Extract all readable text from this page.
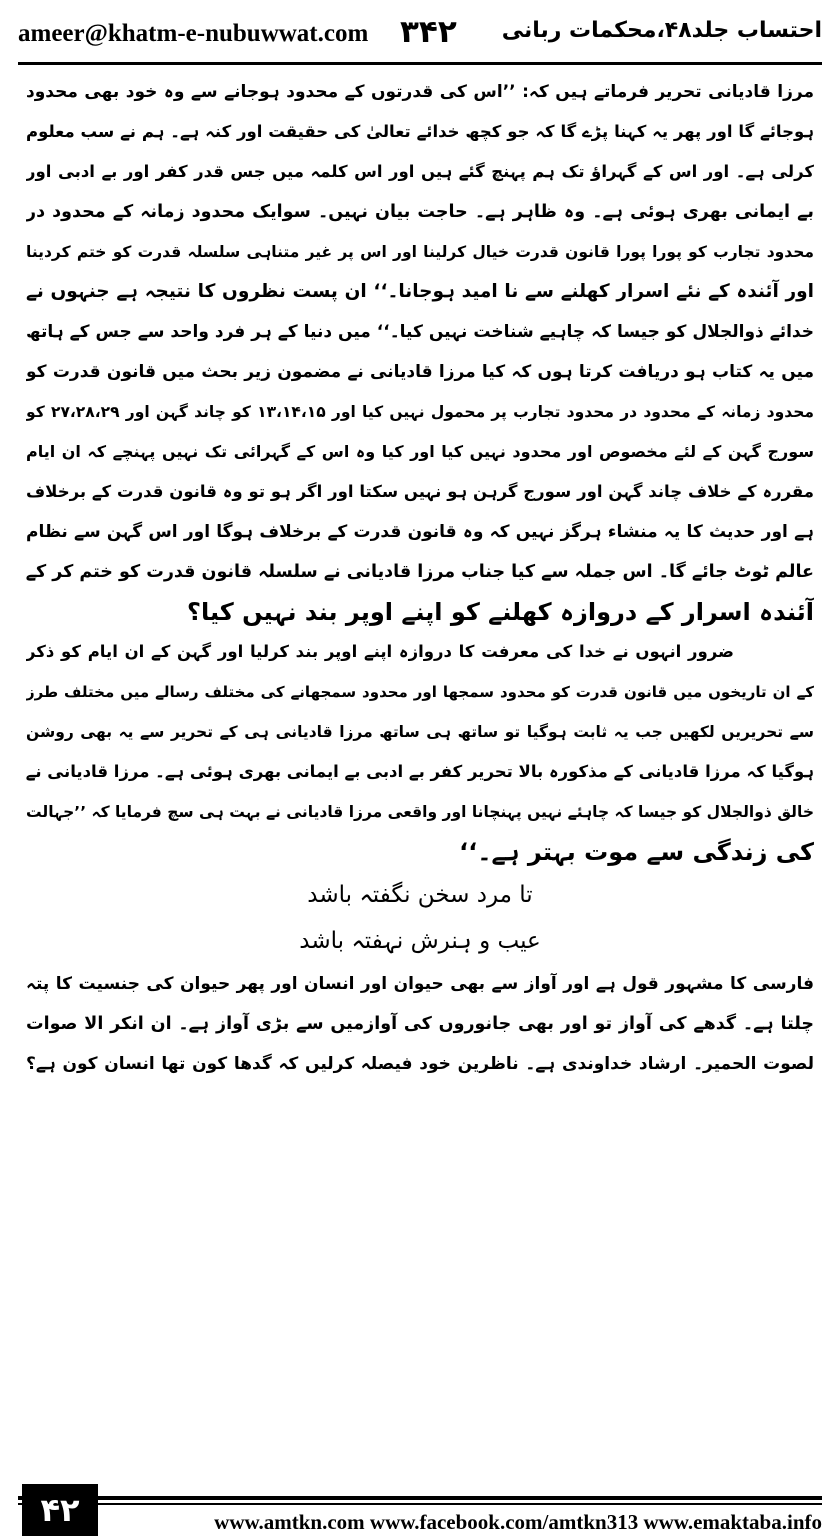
ameer@khatm-e-nubuwwat.com ۳۴۲ احتساب جلد۴۸،محکمات ربانی
مرزا قادیانی تحریر فرماتے ہیں کہ: ’’اس کی قدرتوں کے محدود ہوجانے سے وہ خود بھی محدود
ہوجائے گا اور پھر یہ کہنا پڑے گا کہ جو کچھ خدائے تعالیٰ کی حقیقت اور کنہ ہے۔ ہم نے سب معلوم
کرلی ہے۔ اور اس کے گہراؤ تک ہم پہنچ گئے ہیں اور اس کلمہ میں جس قدر کفر اور بے ادبی اور
بے ایمانی بھری ہوئی ہے۔ وہ ظاہر ہے۔ حاجت بیان نہیں۔ سوایک محدود زمانہ کے محدود در
محدود تجارب کو پورا پورا قانون قدرت خیال کرلینا اور اس پر غیر متناہی سلسلہ قدرت کو ختم کردینا
اور آئندہ کے نئے اسرار کھلنے سے نا امید ہوجانا۔‘‘ ان پست نظروں کا نتیجہ ہے جنہوں نے
خدائے ذوالجلال کو جیسا کہ چاہیے شناخت نہیں کیا۔‘‘ میں دنیا کے ہر فرد واحد سے جس کے ہاتھ
میں یہ کتاب ہو دریافت کرتا ہوں کہ کیا مرزا قادیانی نے مضمون زیر بحث میں قانون قدرت کو
محدود زمانہ کے محدود در محدود تجارب پر محمول نہیں کیا اور ۱۳،۱۴،۱۵ کو چاند گہن اور ۲۷،۲۸،۲۹ کو
سورج گہن کے لئے مخصوص اور محدود نہیں کیا اور کیا وہ اس کے گہرائی تک نہیں پہنچے کہ ان ایام
مقررہ کے خلاف چاند گہن اور سورج گرہن ہو نہیں سکتا اور اگر ہو تو وہ قانون قدرت کے برخلاف
ہے اور حدیث کا یہ منشاء ہرگز نہیں کہ وہ قانون قدرت کے برخلاف ہوگا اور اس گہن سے نظام
عالم ٹوٹ جائے گا۔ اس جملہ سے کیا جناب مرزا قادیانی نے سلسلہ قانون قدرت کو ختم کر کے
آئندہ اسرار کے دروازہ کھلنے کو اپنے اوپر بند نہیں کیا؟
ضرور انہوں نے خدا کی معرفت کا دروازہ اپنے اوپر بند کرلیا اور گہن کے ان ایام کو ذکر
کے ان تاریخوں میں قانون قدرت کو محدود سمجھا اور محدود سمجھانے کی مختلف رسالے میں مختلف طرز
سے تحریریں لکھیں جب یہ ثابت ہوگیا تو ساتھ ہی ساتھ مرزا قادیانی ہی کے تحریر سے یہ بھی روشن
ہوگیا کہ مرزا قادیانی کے مذکورہ بالا تحریر کفر بے ادبی بے ایمانی بھری ہوئی ہے۔ مرزا قادیانی نے
خالق ذوالجلال کو جیسا کہ چاہئے نہیں پہنچانا اور واقعی مرزا قادیانی نے بہت ہی سچ فرمایا کہ ’’جہالت
کی زندگی سے موت بہتر ہے۔‘‘
تا مرد سخن نگفتہ باشد
عیب و ہنرش نہفتہ باشد
فارسی کا مشہور قول ہے اور آواز سے بھی حیوان اور انسان اور پھر حیوان کی جنسیت کا پتہ
چلتا ہے۔ گدھے کی آواز تو اور بھی جانوروں کی آوازمیں سے بڑی آواز ہے۔ ان انکر الا صوات
لصوت الحمیر۔ ارشاد خداوندی ہے۔ ناظرین خود فیصلہ کرلیں کہ گدھا کون تھا انسان کون ہے؟
۴۲	www.amtkn.com www.facebook.com/amtkn313 www.emaktaba.info
